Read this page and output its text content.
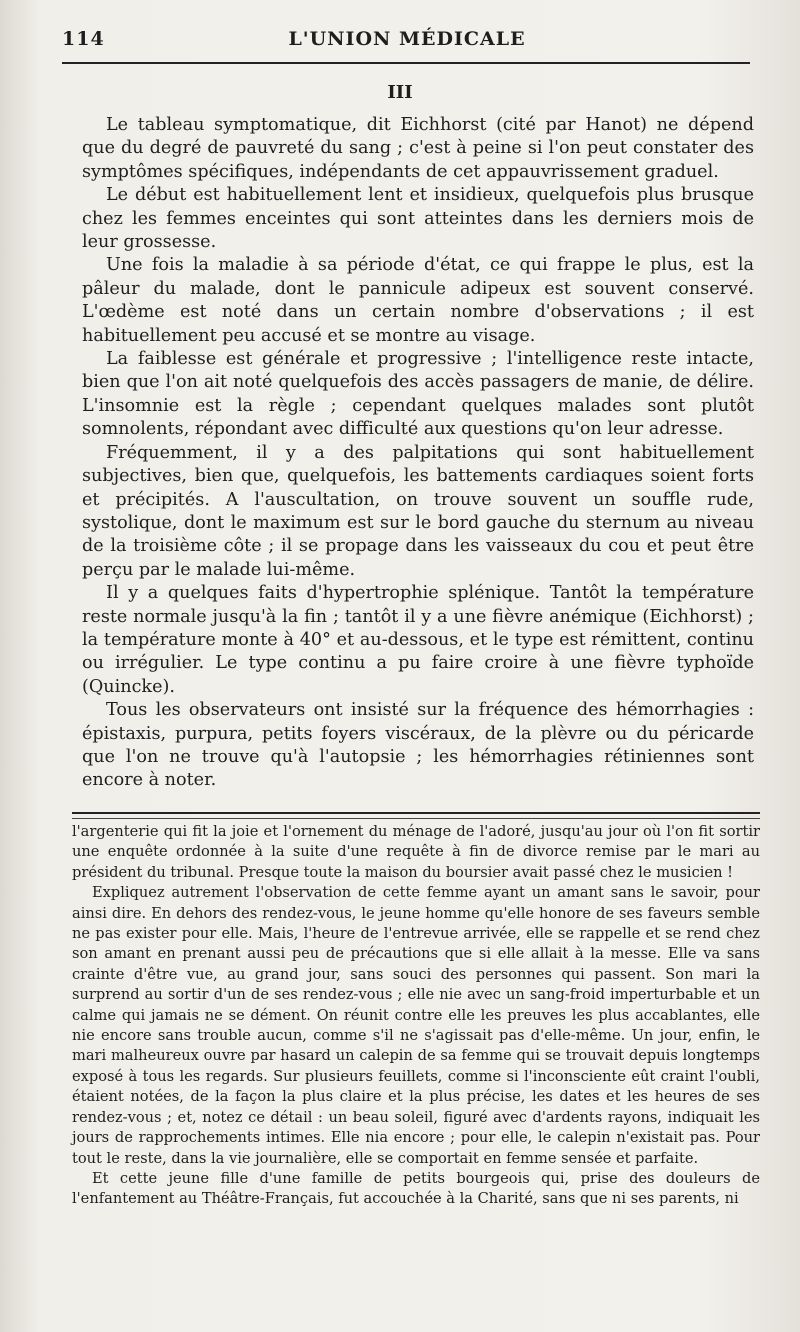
114	L'UNION MÉDICALE
III

Le tableau symptomatique, dit Eichhorst (cité par Hanot) ne dépend que du degré de pauvreté du sang ; c'est à peine si l'on peut constater des symptômes spécifiques, indépendants de cet appauvrissement graduel.

Le début est habituellement lent et insidieux, quelquefois plus brusque chez les femmes enceintes qui sont atteintes dans les derniers mois de leur grossesse.

Une fois la maladie à sa période d'état, ce qui frappe le plus, est la pâleur du malade, dont le pannicule adipeux est souvent conservé. L'œdème est noté dans un certain nombre d'observations ; il est habituellement peu accusé et se montre au visage.

La faiblesse est générale et progressive ; l'intelligence reste intacte, bien que l'on ait noté quelquefois des accès passagers de manie, de délire. L'insomnie est la règle ; cependant quelques malades sont plutôt somnolents, répondant avec difficulté aux questions qu'on leur adresse.

Fréquemment, il y a des palpitations qui sont habituellement subjectives, bien que, quelquefois, les battements cardiaques soient forts et précipités. A l'auscultation, on trouve souvent un souffle rude, systolique, dont le maximum est sur le bord gauche du sternum au niveau de la troisième côte ; il se propage dans les vaisseaux du cou et peut être perçu par le malade lui-même.

Il y a quelques faits d'hypertrophie splénique. Tantôt la température reste normale jusqu'à la fin ; tantôt il y a une fièvre anémique (Eichhorst) ; la température monte à 40° et au-dessous, et le type est rémittent, continu ou irrégulier. Le type continu a pu faire croire à une fièvre typhoïde (Quincke).

Tous les observateurs ont insisté sur la fréquence des hémorrhagies : épistaxis, purpura, petits foyers viscéraux, de la plèvre ou du péricarde que l'on ne trouve qu'à l'autopsie ; les hémorrhagies rétiniennes sont encore à noter.

l'argenterie qui fit la joie et l'ornement du ménage de l'adoré, jusqu'au jour où l'on fit sortir une enquête ordonnée à la suite d'une requête à fin de divorce remise par le mari au président du tribunal. Presque toute la maison du boursier avait passé chez le musicien !

Expliquez autrement l'observation de cette femme ayant un amant sans le savoir, pour ainsi dire. En dehors des rendez-vous, le jeune homme qu'elle honore de ses faveurs semble ne pas exister pour elle. Mais, l'heure de l'entrevue arrivée, elle se rappelle et se rend chez son amant en prenant aussi peu de précautions que si elle allait à la messe. Elle va sans crainte d'être vue, au grand jour, sans souci des personnes qui passent. Son mari la surprend au sortir d'un de ses rendez-vous ; elle nie avec un sang-froid imperturbable et un calme qui jamais ne se dément. On réunit contre elle les preuves les plus accablantes, elle nie encore sans trouble aucun, comme s'il ne s'agissait pas d'elle-même. Un jour, enfin, le mari malheureux ouvre par hasard un calepin de sa femme qui se trouvait depuis longtemps exposé à tous les regards. Sur plusieurs feuillets, comme si l'inconsciente eût craint l'oubli, étaient notées, de la façon la plus claire et la plus précise, les dates et les heures de ses rendez-vous ; et, notez ce détail : un beau soleil, figuré avec d'ardents rayons, indiquait les jours de rapprochements intimes. Elle nia encore ; pour elle, le calepin n'existait pas. Pour tout le reste, dans la vie journalière, elle se comportait en femme sensée et parfaite.

Et cette jeune fille d'une famille de petits bourgeois qui, prise des douleurs de l'enfantement au Théâtre-Français, fut accouchée à la Charité, sans que ni ses parents, ni
